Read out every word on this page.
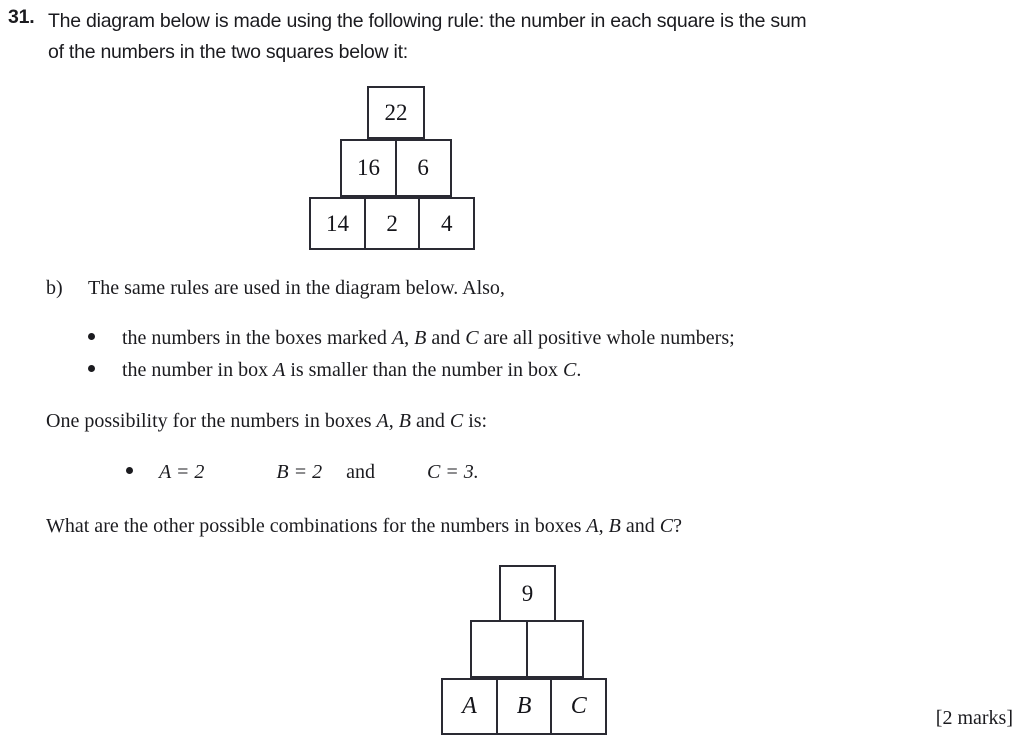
31. The diagram below is made using the following rule: the number in each square is the sum
of the numbers in the two squares below it:
22
16	6
14	2	4
b) The same rules are used in the diagram below. Also,
the numbers in the boxes marked A, B and C are all positive whole numbers;
the number in box A is smaller than the number in box C.
One possibility for the numbers in boxes A, B and C is:
A = 2	B = 2 and	C = 3.
What are the other possible combinations for the numbers in boxes A, B and C?
9
A	B	C	[2 marks]
